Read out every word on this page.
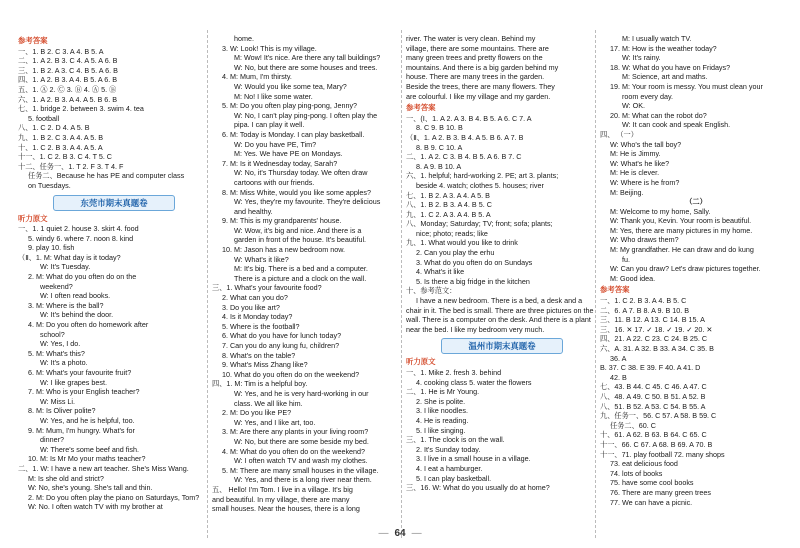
参考答案
一、1. B 2. C 3. A 4. B 5. A
二、1. A 2. B 3. C 4. A 5. A 6. B
三、1. B 2. A 3. C 4. B 5. A 6. B
四、1. A 2. B 3. A 4. B 5. A 6. B
五、1. Ⓐ 2. Ⓒ 3. Ⓑ 4. Ⓐ 5. Ⓑ
六、1. A 2. B 3. A 4. A 5. B 6. B
七、1. bridge 2. between 3. swim 4. tea
5. football
八、1. C 2. D 4. A 5. B
九、1. B 2. C 3. A 4. A 5. B
十、1. C 2. B 3. A 4. A 5. A
十一、1. C 2. B 3. C 4. T 5. C
十二、任务一、1. T 2. F 3. T 4. F
任务二、Because he has PE and computer class
on Tuesdays.
东莞市期末真题卷
听力原文
一、1. 1 quiet 2. house 3. skirt 4. food
5. windy 6. where 7. noon 8. kind
9. play 10. fish
（Ⅱ、1. M: What day is it today?
W: It's Tuesday.
2. M: What do you often do on the
weekend?
W: I often read books.
3. M: Where is the ball?
W: It's behind the door.
4. M: Do you often do homework after
school?
W: Yes, I do.
5. M: What's this?
W: It's a photo.
6. M: What's your favourite fruit?
W: I like grapes best.
7. M: Who is your English teacher?
W: Miss Li.
8. M: Is Oliver polite?
W: Yes, and he is helpful, too.
9. M: Mum, I'm hungry. What's for
dinner?
W: There's some beef and fish.
10. M: Is Mr Mo your maths teacher?
二、1. W: I have a new art teacher. She's Miss Wang.
M: Is she old and strict?
W: No, she's young. She's tall and thin.
2. M: Do you often play the piano on Saturdays, Tom?
W: No. I often watch TV with my brother at
home.
3. W: Look! This is my village.
M: Wow! It's nice. Are there any tall buildings?
W: No, but there are some houses and trees.
4. M: Mum, I'm thirsty.
W: Would you like some tea, Mary?
M: No! I like some water.
5. M: Do you often play ping-pong, Jenny?
W: No, I can't play ping-pong. I often play the
pipa. I can play it well.
6. M: Today is Monday. I can play basketball.
W: Do you have PE, Tim?
M: Yes. We have PE on Mondays.
7. M: Is it Wednesday today, Sarah?
W: No, it's Thursday today. We often draw
cartoons with our friends.
8. M: Miss White, would you like some apples?
W: Yes, they're my favourite. They're delicious
and healthy.
9. M: This is my grandparents' house.
W: Wow, it's big and nice. And there is a
garden in front of the house. It's beautiful.
10. M: Jason has a new bedroom now.
W: What's it like?
M: It's big. There is a bed and a computer.
There is a picture and a clock on the wall.
三、1. What's your favourite food?
2. What can you do?
3. Do you like art?
4. Is it Monday today?
5. Where is the football?
6. What do you have for lunch today?
7. Can you do any kung fu, children?
8. What's on the table?
9. What's Miss Zhang like?
10. What do you often do on the weekend?
四、1. M: Tim is a helpful boy.
W: Yes, and he is very hard-working in our
class. We all like him.
2. M: Do you like PE?
W: Yes, and I like art, too.
3. M: Are there any plants in your living room?
W: No, but there are some beside my bed.
4. M: What do you often do on the weekend?
W: I often watch TV and wash my clothes.
5. M: There are many small houses in the village.
W: Yes, and there is a long river near them.
五、 Hello! I'm Tom. I live in a village. It's big
and beautiful. In my village, there are many
small houses. Near the houses, there is a long
river. The water is very clean. Behind my
village, there are some mountains. There are
many green trees and pretty flowers on the
mountains. And there is a big garden behind my
house. There are many trees in the garden.
Beside the trees, there are many flowers. They
are colourful. I like my village and my garden.
参考答案
一、(Ⅰ、1. A 2. A 3. B 4. B 5. A 6. C 7. A
8. C 9. B 10. B
（Ⅱ、1. A 2. B 3. B 4. A 5. B 6. A 7. B
8. B 9. C 10. A
二、1. A 2. C 3. B 4. B 5. A 6. B 7. C
8. A 9. B 10. A
六、1. helpful; hard-working 2. PE; art 3. plants;
beside 4. watch; clothes 5. houses; river
七、1. B 2. A 3. A 4. A 5. B
八、1. B 2. B 3. A 4. B 5. C
九、1. C 2. A 3. A 4. B 5. A
八、Monday; Saturday; TV; front; sofa; plants;
nice; photo; reads; like
九、1. What would you like to drink
2. Can you play the erhu
3. What do you often do on Sundays
4. What's it like
5. Is there a big fridge in the kitchen
十、参考范文：
I have a new bedroom. There is a bed, a desk and a chair in it. The bed is small. There are three pictures on the wall. There is a computer on the desk. And there is a plant near the bed. I like my bedroom very much.
温州市期末真题卷
听力原文
一、1. Mike 2. fresh 3. behind
4. cooking class 5. water the flowers
二、1. He is Mr Young.
2. She is polite.
3. I like noodles.
4. He is reading.
5. I like singing.
三、1. The clock is on the wall.
2. It's Sunday today.
3. I live in a small house in a village.
4. I eat a hamburger.
5. I can play basketball.
三、16. W: What do you usually do at home?
M: I usually watch TV.
17. M: How is the weather today?
W: It's rainy.
18. W: What do you have on Fridays?
M: Science, art and maths.
19. M: Your room is messy. You must clean your
room every day.
W: OK.
20. M: What can the robot do?
W: It can cook and speak English.
四、 （一）
W: Who's the tall boy?
M: He is Jimmy.
W: What's he like?
M: He is clever.
W: Where is he from?
M: Beijing.
（二）
M: Welcome to my home, Sally.
W: Thank you, Kevin. Your room is beautiful.
M: Yes, there are many pictures in my home.
W: Who draws them?
M: My grandfather. He can draw and do kung
fu.
W: Can you draw? Let's draw pictures together.
M: Good idea.
参考答案
一、1. C 2. B 3. A 4. B 5. C
二、6. A 7. B 8. A 9. B 10. B
三、11. B 12. A 13. C 14. B 15. A
三、16. ✕ 17. ✓ 18. ✓ 19. ✓ 20. ✕
四、21. A 22. C 23. C 24. B 25. C
六、A. 31. A 32. B 33. A 34. C 35. B
36. A
B. 37. C 38. E 39. F 40. A 41. D
42. B
七、43. B 44. C 45. C 46. A 47. C
八、48. A 49. C 50. B 51. A 52. B
八、51. B 52. A 53. C 54. B 55. A
九、任务一、56. C 57. A 58. B 59. C
任务二、60. C
十、61. A 62. B 63. B 64. C 65. C
十一、66. C 67. A 68. B 69. A 70. B
十一、71. play football 72. many shops
73. eat delicious food
74. lots of books
75. have some cool books
76. There are many green trees
77. We can have a picnic.
— 64 —
